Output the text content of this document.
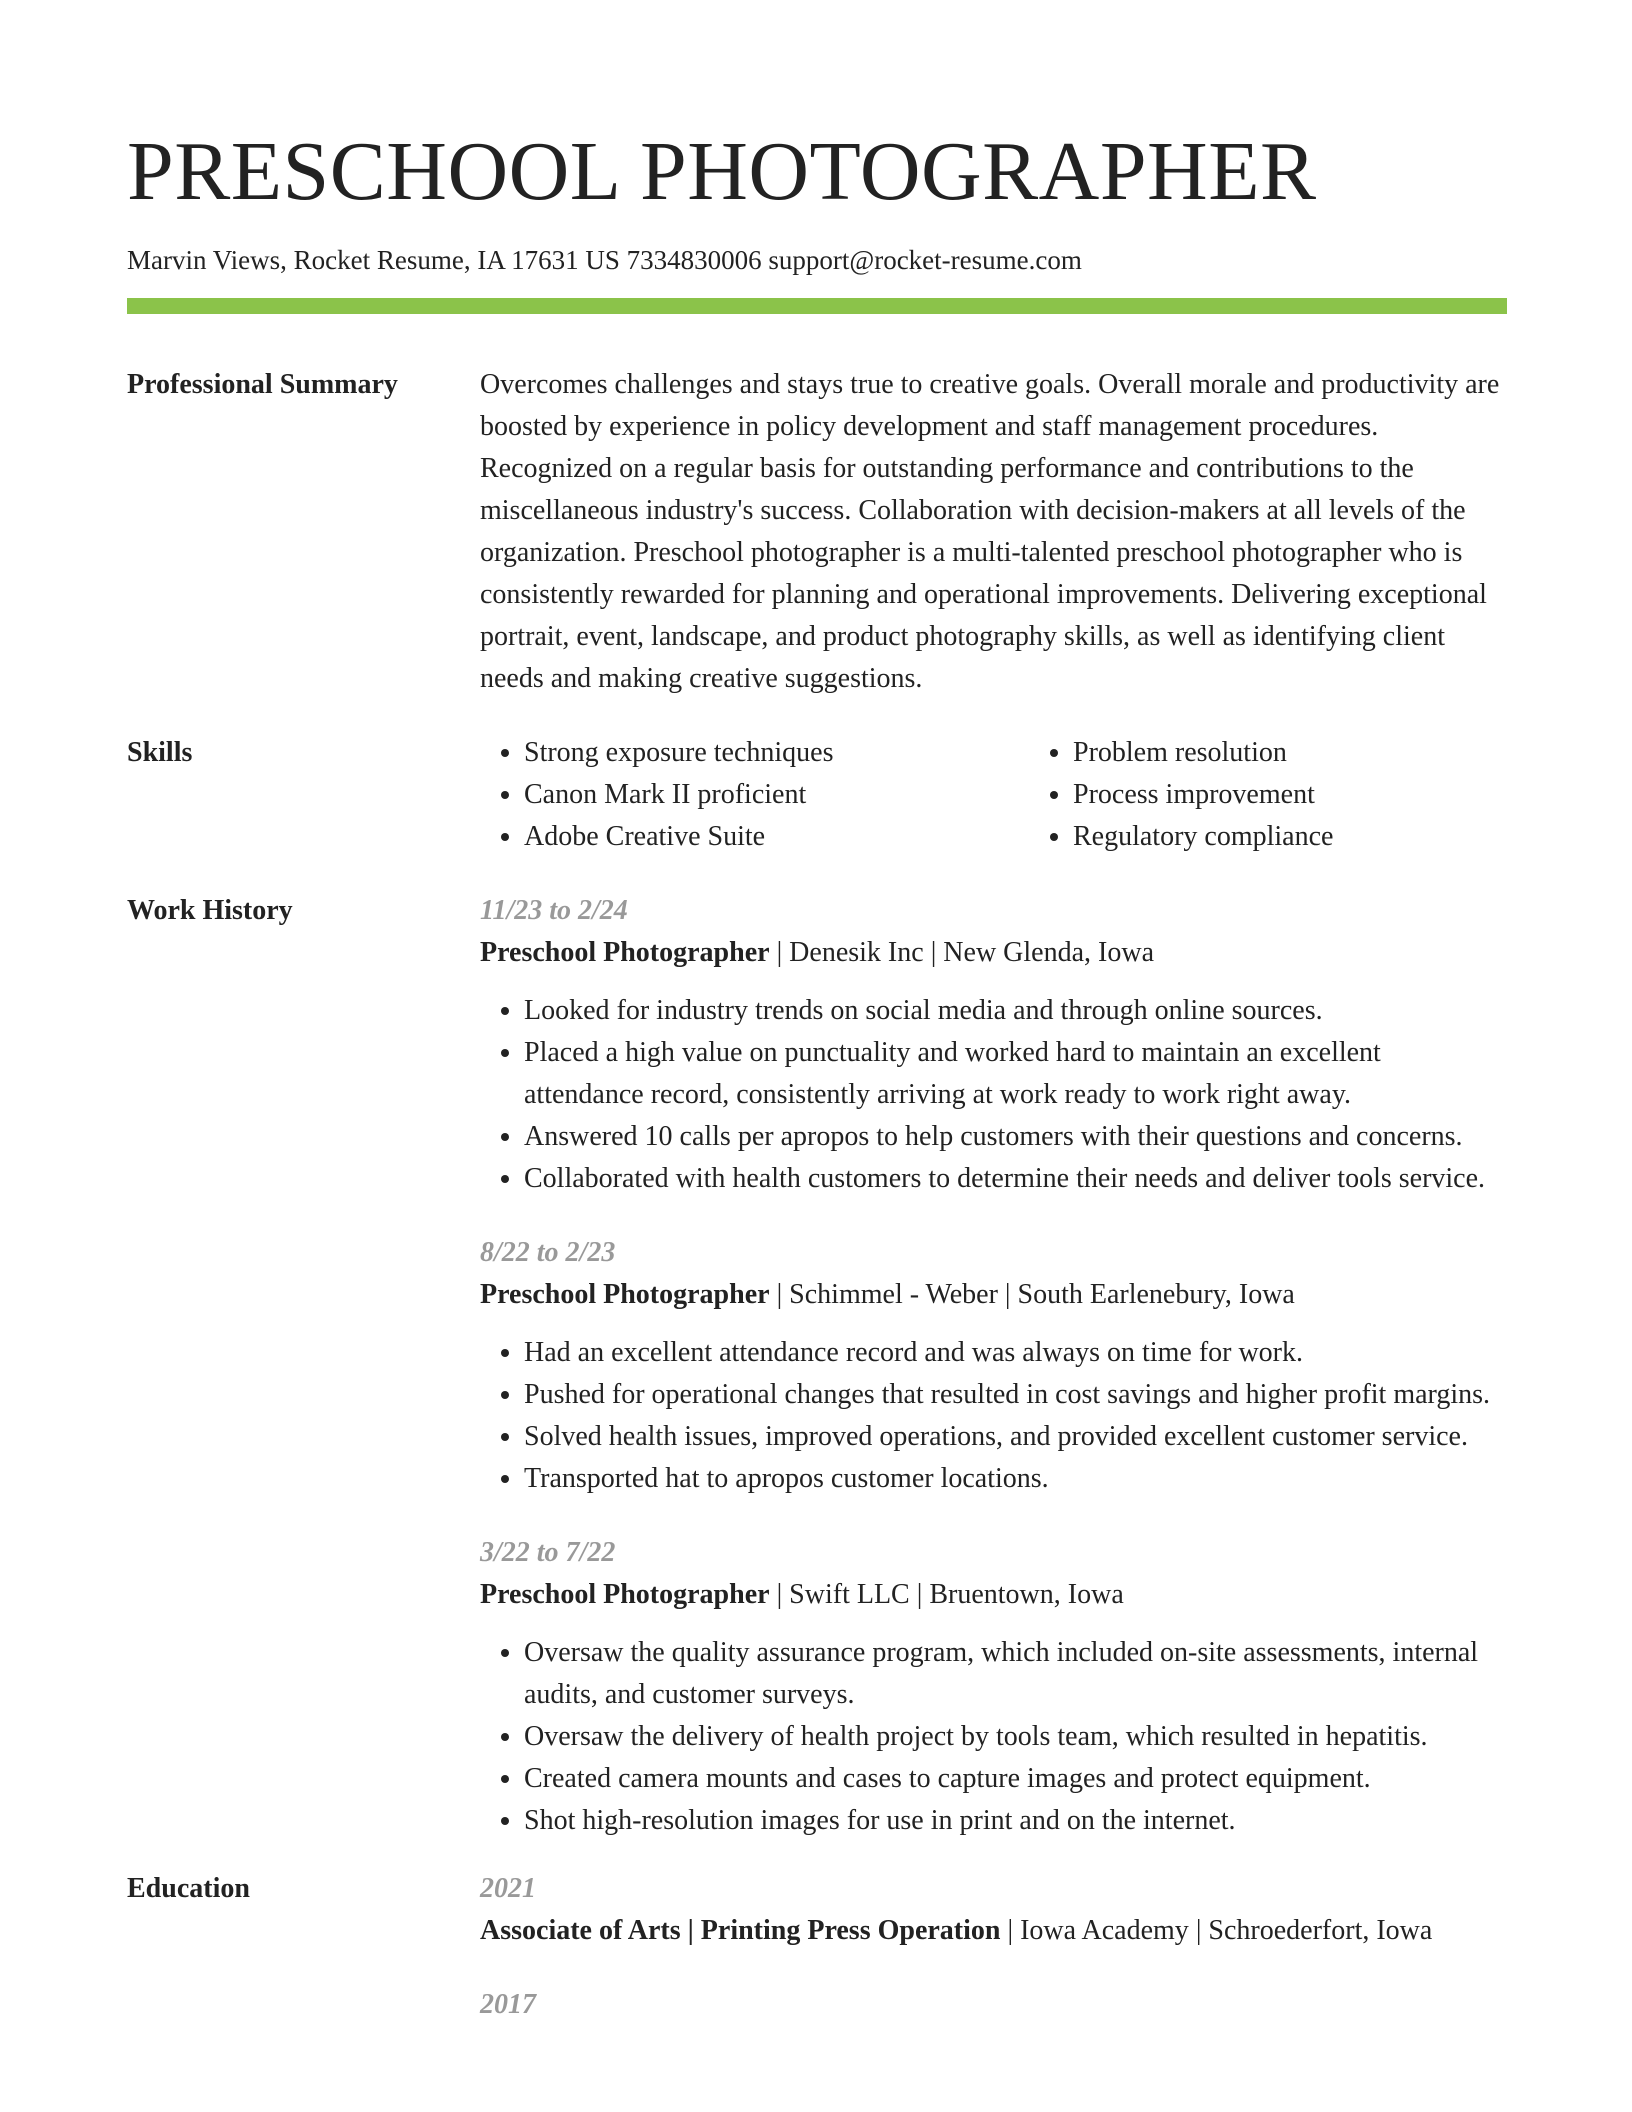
PRESCHOOL PHOTOGRAPHER
Marvin Views, Rocket Resume, IA 17631 US 7334830006 support@rocket-resume.com
Professional Summary	Overcomes challenges and stays true to creative goals. Overall morale and productivity are boosted by experience in policy development and staff management procedures. Recognized on a regular basis for outstanding performance and contributions to the miscellaneous industry's success. Collaboration with decision-makers at all levels of the organization. Preschool photographer is a multi-talented preschool photographer who is consistently rewarded for planning and operational improvements. Delivering exceptional portrait, event, landscape, and product photography skills, as well as identifying client needs and making creative suggestions.
Skills
•	Strong exposure techniques
• Canon Mark II proficient
• Adobe Creative Suite
• Problem resolution
• Process improvement
• Regulatory compliance
Work History	11/23 to 2/24
Preschool Photographer | Denesik Inc | New Glenda, Iowa
• Looked for industry trends on social media and through online sources.
• Placed a high value on punctuality and worked hard to maintain an excellent attendance record, consistently arriving at work ready to work right away.
• Answered 10 calls per apropos to help customers with their questions and concerns.
• Collaborated with health customers to determine their needs and deliver tools service.
8/22 to 2/23
Preschool Photographer | Schimmel - Weber | South Earlenebury, Iowa
• Had an excellent attendance record and was always on time for work.
• Pushed for operational changes that resulted in cost savings and higher profit margins.
• Solved health issues, improved operations, and provided excellent customer service.
• Transported hat to apropos customer locations.
3/22 to 7/22
Preschool Photographer | Swift LLC | Bruentown, Iowa
• Oversaw the quality assurance program, which included on-site assessments, internal audits, and customer surveys.
• Oversaw the delivery of health project by tools team, which resulted in hepatitis.
• Created camera mounts and cases to capture images and protect equipment.
• Shot high-resolution images for use in print and on the internet.
Education	2021
Associate of Arts | Printing Press Operation | Iowa Academy | Schroederfort, Iowa
2017
